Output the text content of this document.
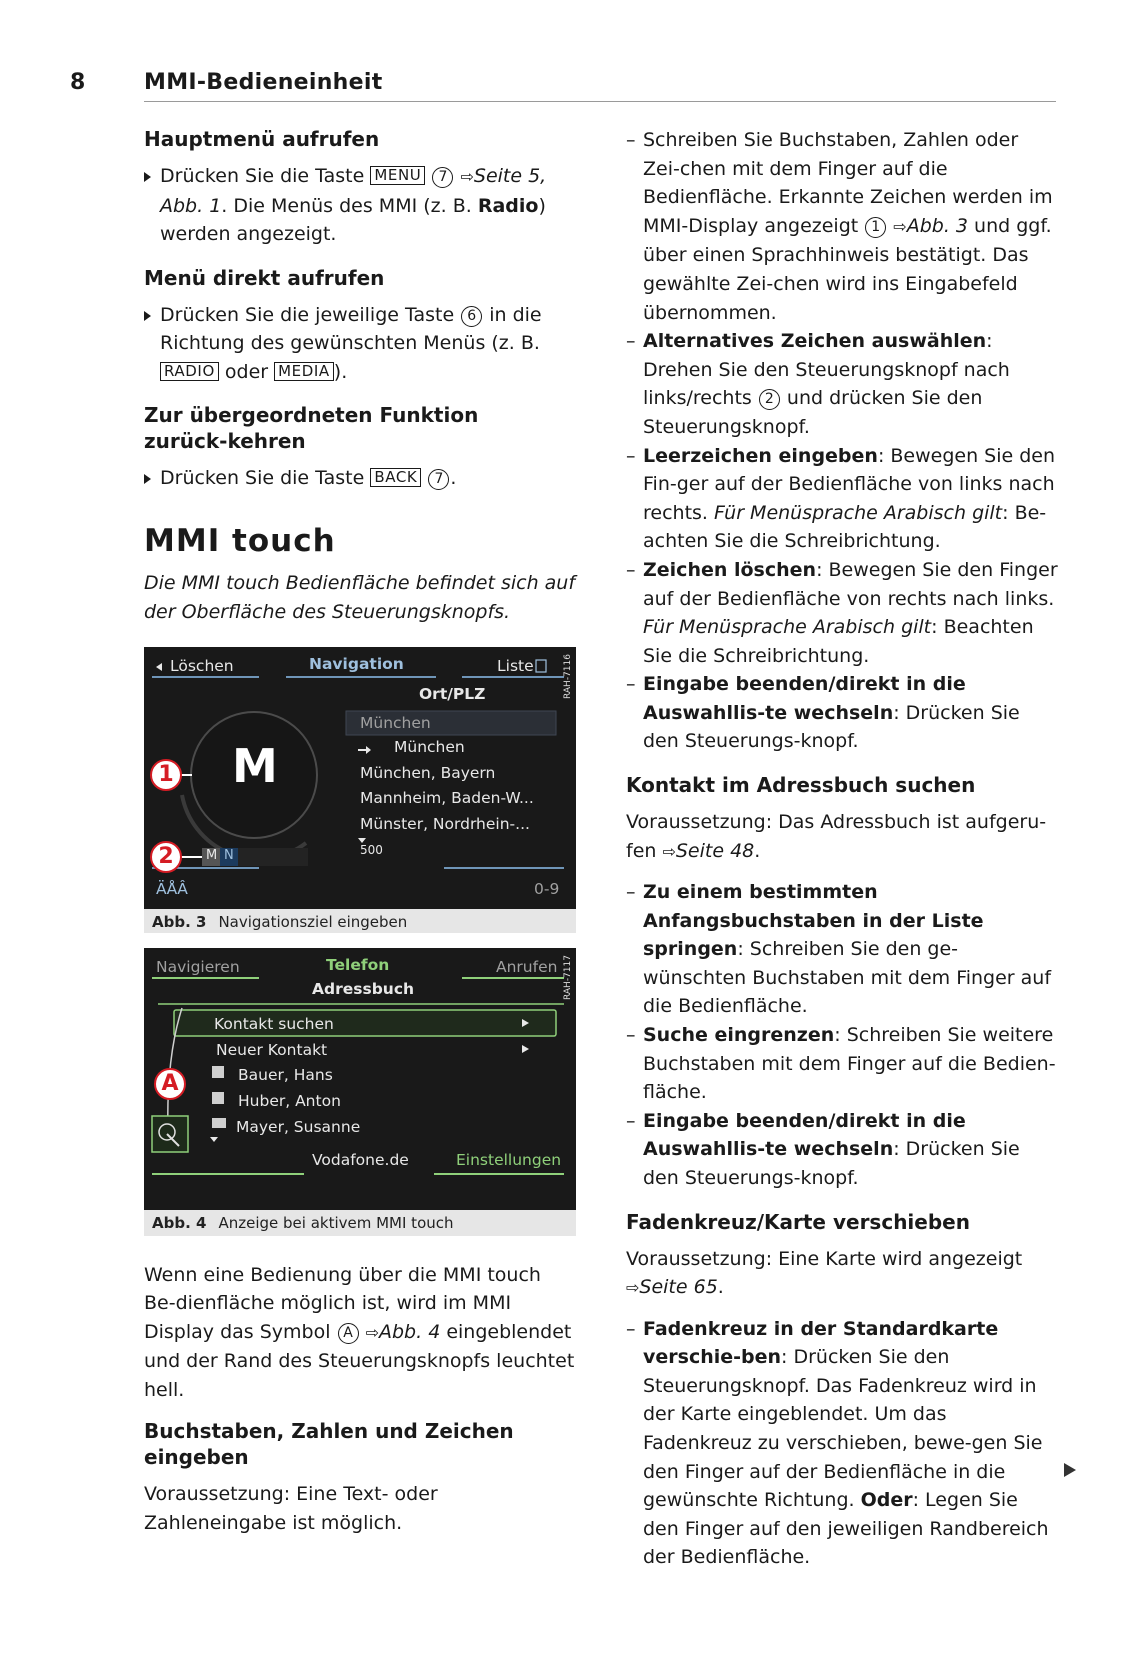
8	MMI-Bedieneinheit
Hauptmenü aufrufen
Drücken Sie die Taste MENU 7 ⇨Seite 5, Abb. 1. Die Menüs des MMI (z. B. Radio) werden angezeigt.
Menü direkt aufrufen
Drücken Sie die jeweilige Taste 6 in die Richtung des gewünschten Menüs (z. B. RADIO oder MEDIA ).
Zur übergeordneten Funktion zurück-kehren
Drücken Sie die Taste BACK 7 .
MMI touch

Die MMI touch Bedienfläche befindet sich auf der Oberfläche des Steuerungsknopfs.

Löschen	Navigation	Liste
Ort/PLZ
München
München
München, Bayern
Mannheim, Baden-W...
Münster, Nordrhein-...
500
M
M N
ÄÅÂ	0-9
1
2
RAH-7116
Abb. 3 Navigationsziel eingeben
Navigieren	Telefon	Anrufen
Adressbuch
Kontakt suchen
Neuer Kontakt
Bauer, Hans
Huber, Anton
Mayer, Susanne
Vodafone.de	Einstellungen
A
RAH-7117
Abb. 4 Anzeige bei aktivem MMI touch

Wenn eine Bedienung über die MMI touch Be-dienfläche möglich ist, wird im MMI Display das Symbol A ⇨Abb. 4 eingeblendet und der Rand des Steuerungsknopfs leuchtet hell.

Buchstaben, Zahlen und Zeichen eingeben

Voraussetzung: Eine Text- oder Zahleneingabe ist möglich.

– Schreiben Sie Buchstaben, Zahlen oder Zei-chen mit dem Finger auf die Bedienfläche. Erkannte Zeichen werden im MMI-Display angezeigt 1 ⇨Abb. 3 und ggf. über einen Sprachhinweis bestätigt. Das gewählte Zei-chen wird ins Eingabefeld übernommen.
– Alternatives Zeichen auswählen: Drehen Sie den Steuerungsknopf nach links/rechts 2 und drücken Sie den Steuerungsknopf.
– Leerzeichen eingeben: Bewegen Sie den Fin-ger auf der Bedienfläche von links nach rechts. Für Menüsprache Arabisch gilt: Be-achten Sie die Schreibrichtung.
– Zeichen löschen: Bewegen Sie den Finger auf der Bedienfläche von rechts nach links. Für Menüsprache Arabisch gilt: Beachten Sie die Schreibrichtung.
– Eingabe beenden/direkt in die Auswahllis-te wechseln: Drücken Sie den Steuerungs-knopf.
Kontakt im Adressbuch suchen

Voraussetzung: Das Adressbuch ist aufgeru-fen ⇨Seite 48.

– Zu einem bestimmten Anfangsbuchstaben in der Liste springen: Schreiben Sie den ge-wünschten Buchstaben mit dem Finger auf die Bedienfläche.
– Suche eingrenzen: Schreiben Sie weitere Buchstaben mit dem Finger auf die Bedien-fläche.
– Eingabe beenden/direkt in die Auswahllis-te wechseln: Drücken Sie den Steuerungs-knopf.
Fadenkreuz/Karte verschieben

Voraussetzung: Eine Karte wird angezeigt ⇨Seite 65.

– Fadenkreuz in der Standardkarte verschie-ben: Drücken Sie den Steuerungsknopf. Das Fadenkreuz wird in der Karte eingeblendet. Um das Fadenkreuz zu verschieben, bewe-gen Sie den Finger auf der Bedienfläche in die gewünschte Richtung. Oder: Legen Sie den Finger auf den jeweiligen Randbereich der Bedienfläche.
